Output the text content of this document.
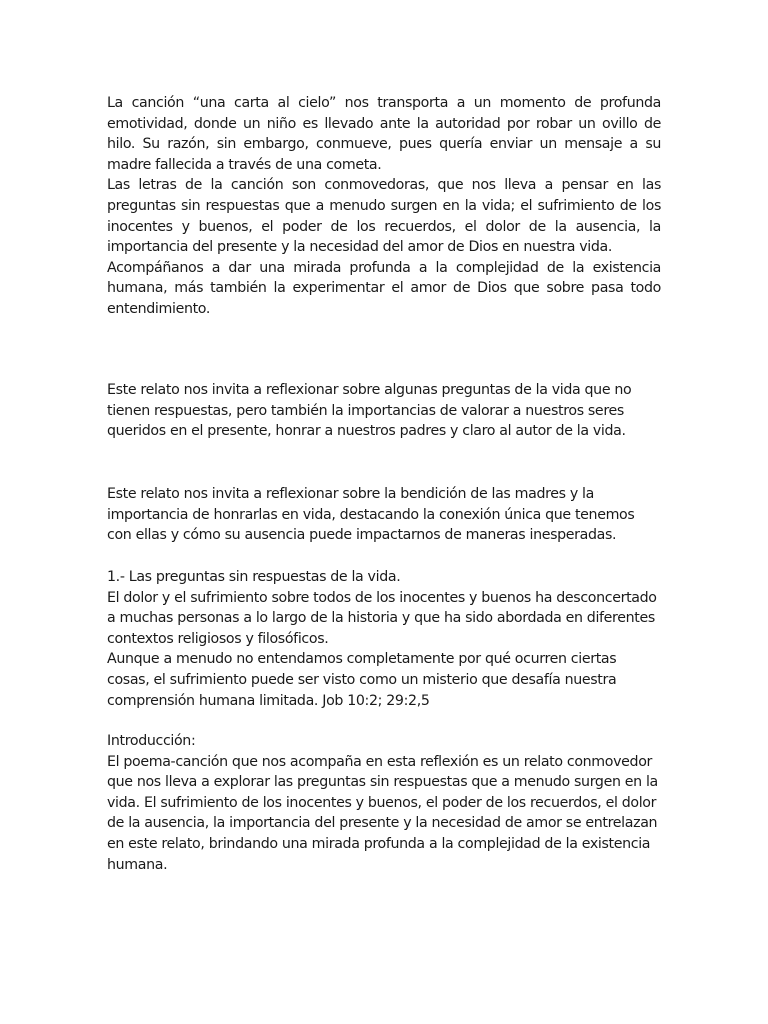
La canción “una carta al cielo” nos transporta a un momento de profunda emotividad, donde un niño es llevado ante la autoridad por robar un ovillo de hilo. Su razón, sin embargo, conmueve, pues quería enviar un mensaje a su madre fallecida a través de una cometa.

Las letras de la canción son conmovedoras, que nos lleva a pensar en las preguntas sin respuestas que a menudo surgen en la vida; el sufrimiento de los inocentes y buenos, el poder de los recuerdos, el dolor de la ausencia, la importancia del presente y la necesidad del amor de Dios en nuestra vida.

Acompáñanos a dar una mirada profunda a la complejidad de la existencia humana, más también la experimentar el amor de Dios que sobre pasa todo entendimiento.

Este relato nos invita a reflexionar sobre algunas preguntas de la vida que no tienen respuestas, pero también la importancias de valorar a nuestros seres queridos en el presente, honrar a nuestros padres y claro al autor de la vida.

Este relato nos invita a reflexionar sobre la bendición de las madres y la importancia de honrarlas en vida, destacando la conexión única que tenemos con ellas y cómo su ausencia puede impactarnos de maneras inesperadas.

1.- Las preguntas sin respuestas de la vida.

El dolor y el sufrimiento sobre todos de los inocentes y buenos ha desconcertado a muchas personas a lo largo de la historia y que ha sido abordada en diferentes contextos religiosos y filosóficos.

Aunque a menudo no entendamos completamente por qué ocurren ciertas cosas, el sufrimiento puede ser visto como un misterio que desafía nuestra comprensión humana limitada. Job 10:2; 29:2,5

Introducción:

El poema-canción que nos acompaña en esta reflexión es un relato conmovedor que nos lleva a explorar las preguntas sin respuestas que a menudo surgen en la vida. El sufrimiento de los inocentes y buenos, el poder de los recuerdos, el dolor de la ausencia, la importancia del presente y la necesidad de amor se entrelazan en este relato, brindando una mirada profunda a la complejidad de la existencia humana.
